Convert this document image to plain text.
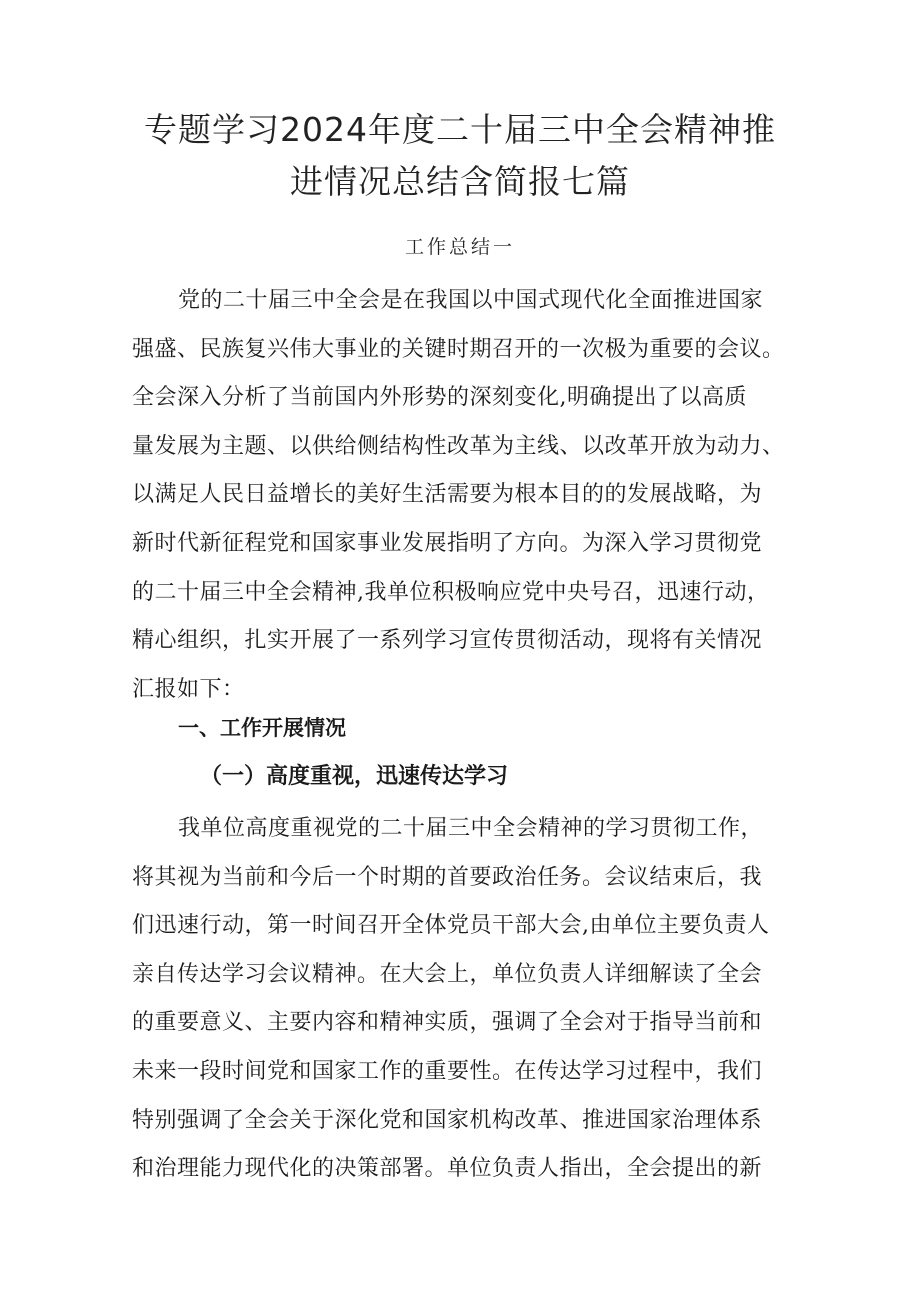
专题学习2024年度二十届三中全会精神推
进情况总结含简报七篇

工作总结一

党的二十届三中全会是在我国以中国式现代化全面推进国家
强盛、民族复兴伟大事业的关键时期召开的一次极为重要的会议。
全会深入分析了当前国内外形势的深刻变化,明确提出了以高质
量发展为主题、以供给侧结构性改革为主线、以改革开放为动力、
以满足人民日益增长的美好生活需要为根本目的的发展战略，为
新时代新征程党和国家事业发展指明了方向。为深入学习贯彻党
的二十届三中全会精神,我单位积极响应党中央号召，迅速行动，
精心组织，扎实开展了一系列学习宣传贯彻活动，现将有关情况
汇报如下：

一、工作开展情况
（一）高度重视，迅速传达学习

我单位高度重视党的二十届三中全会精神的学习贯彻工作，
将其视为当前和今后一个时期的首要政治任务。会议结束后，我
们迅速行动，第一时间召开全体党员干部大会,由单位主要负责人
亲自传达学习会议精神。在大会上，单位负责人详细解读了全会
的重要意义、主要内容和精神实质，强调了全会对于指导当前和
未来一段时间党和国家工作的重要性。在传达学习过程中，我们
特别强调了全会关于深化党和国家机构改革、推进国家治理体系
和治理能力现代化的决策部署。单位负责人指出，全会提出的新
